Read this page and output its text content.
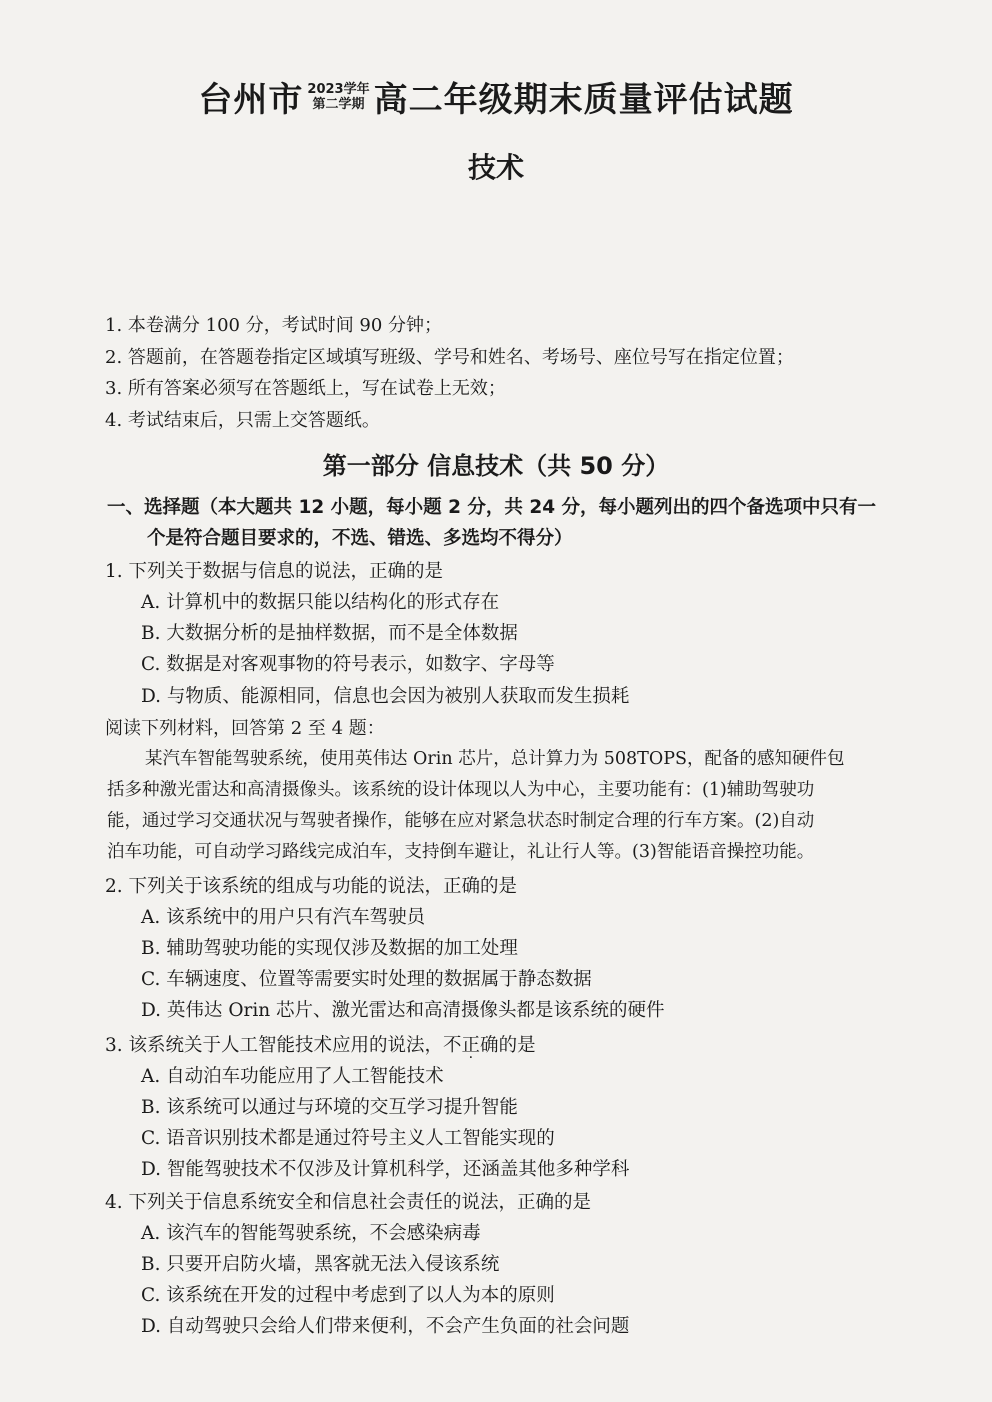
台州市 2023学年
第二学期 高二年级期末质量评估试题
技术
1. 本卷满分 100 分，考试时间 90 分钟；
2. 答题前，在答题卷指定区域填写班级、学号和姓名、考场号、座位号写在指定位置；
3. 所有答案必须写在答题纸上，写在试卷上无效；
4. 考试结束后，只需上交答题纸。
第一部分 信息技术（共 50 分）
一、选择题（本大题共 12 小题，每小题 2 分，共 24 分，每小题列出的四个备选项中只有一
个是符合题目要求的，不选、错选、多选均不得分）
1. 下列关于数据与信息的说法，正确的是
A. 计算机中的数据只能以结构化的形式存在
B. 大数据分析的是抽样数据，而不是全体数据
C. 数据是对客观事物的符号表示，如数字、字母等
D. 与物质、能源相同，信息也会因为被别人获取而发生损耗
阅读下列材料，回答第 2 至 4 题：
某汽车智能驾驶系统，使用英伟达 Orin 芯片，总计算力为 508TOPS，配备的感知硬件包
括多种激光雷达和高清摄像头。该系统的设计体现以人为中心，主要功能有：(1)辅助驾驶功
能，通过学习交通状况与驾驶者操作，能够在应对紧急状态时制定合理的行车方案。(2)自动
泊车功能，可自动学习路线完成泊车，支持倒车避让，礼让行人等。(3)智能语音操控功能。
2. 下列关于该系统的组成与功能的说法，正确的是
A. 该系统中的用户只有汽车驾驶员
B. 辅助驾驶功能的实现仅涉及数据的加工处理
C. 车辆速度、位置等需要实时处理的数据属于静态数据
D. 英伟达 Orin 芯片、激光雷达和高清摄像头都是该系统的硬件
3. 该系统关于人工智能技术应用的说法，不正确的是
A. 自动泊车功能应用了人工智能技术
B. 该系统可以通过与环境的交互学习提升智能
C. 语音识别技术都是通过符号主义人工智能实现的
D. 智能驾驶技术不仅涉及计算机科学，还涵盖其他多种学科
4. 下列关于信息系统安全和信息社会责任的说法，正确的是
A. 该汽车的智能驾驶系统，不会感染病毒
B. 只要开启防火墙，黑客就无法入侵该系统
C. 该系统在开发的过程中考虑到了以人为本的原则
D. 自动驾驶只会给人们带来便利，不会产生负面的社会问题
